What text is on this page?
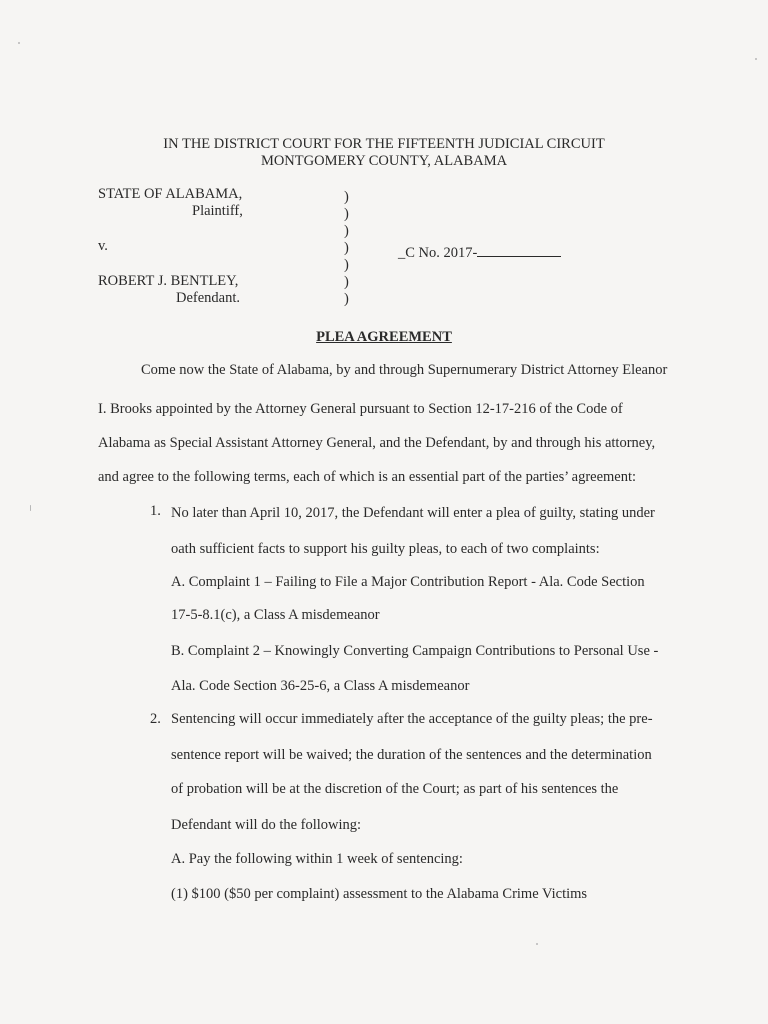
IN THE DISTRICT COURT FOR THE FIFTEENTH JUDICIAL CIRCUIT
MONTGOMERY COUNTY, ALABAMA
STATE OF ALABAMA,
Plaintiff,
v.
ROBERT J. BENTLEY,
Defendant.
)
)
)
)
)
)
)
_C No. 2017-
PLEA AGREEMENT
Come now the State of Alabama, by and through Supernumerary District Attorney Eleanor
I. Brooks appointed by the Attorney General pursuant to Section 12-17-216 of the Code of
Alabama as Special Assistant Attorney General, and the Defendant, by and through his attorney,
and agree to the following terms, each of which is an essential part of the parties’ agreement:
1. No later than April 10, 2017, the Defendant will enter a plea of guilty, stating under
oath sufficient facts to support his guilty pleas, to each of two complaints:
A. Complaint 1 – Failing to File a Major Contribution Report - Ala. Code Section
17-5-8.1(c), a Class A misdemeanor
B. Complaint 2 – Knowingly Converting Campaign Contributions to Personal Use -
Ala. Code Section 36-25-6, a Class A misdemeanor
2. Sentencing will occur immediately after the acceptance of the guilty pleas; the pre-
sentence report will be waived; the duration of the sentences and the determination
of probation will be at the discretion of the Court; as part of his sentences the
Defendant will do the following:
A. Pay the following within 1 week of sentencing:
(1) $100 ($50 per complaint) assessment to the Alabama Crime Victims
